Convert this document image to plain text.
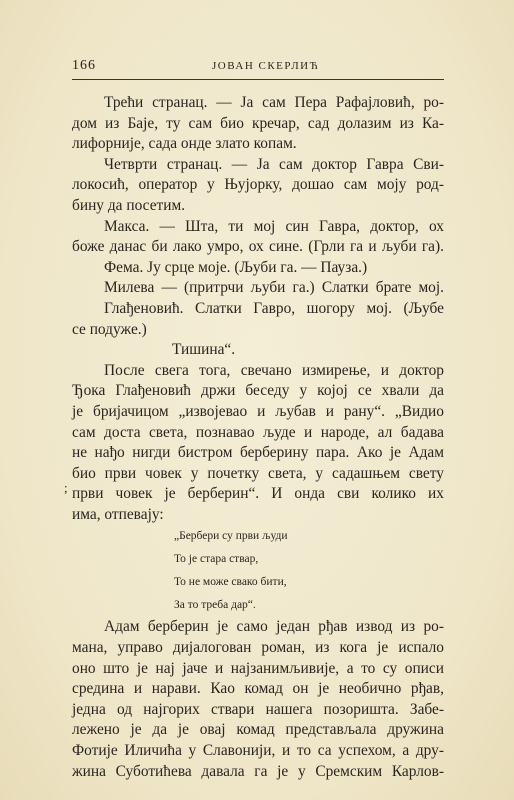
166	ЈОВАН СКЕРЛИЋ
;
Трећи странац. — Ја сам Пера Рафајловић, ро-
дом из Баје, ту сам био кречар, сад долазим из Ка-
лифорније, сада онде злато копам.
Четврти странац. — Ја сам доктор Гавра Сви-
локосић, оператор у Њујорку, дошао сам моју род-
бину да посетим.
Макса. — Шта, ти мој син Гавра, доктор, ох
боже данас би лако умро, ох сине. (Грли га и љуби га).
Фема. Ју срце моје. (Љуби га. — Пауза.)
Милева — (притрчи љуби га.) Слатки брате мој.
Глађеновић. Слатки Гавро, шогору мој. (Љубе
се подуже.)
Тишина“.
После свега тога, свечано измирење, и доктор
Ђока Глађеновић држи беседу у којој се хвали да
је бријачицом „извојевао и љубав и рану“. „Видио
сам доста света, познавао људе и народе, ал бадава
не нађо нигди бистром берберину пара. Ако је Адам
био први човек у почетку света, у садашњем свету
први човек је берберин“. И онда сви колико их
има, отпевају:
„Бербери су први људи
То је стара ствар,
То не може свако бити,
За то треба дар“.
Адам берберин је само један рђав извод из ро-
мана, управо дијалогован роман, из кога је испало
оно што је нај јаче и најзанимљивије, а то су описи
средина и нарави. Као комад он је необично рђав,
једна од најгорих ствари нашега позоришта. Забе-
лежено је да је овај комад представљала дружина
Фотије Иличића у Славонији, и то са успехом, а дру-
жина Суботићева давала га је у Сремским Карлов-
